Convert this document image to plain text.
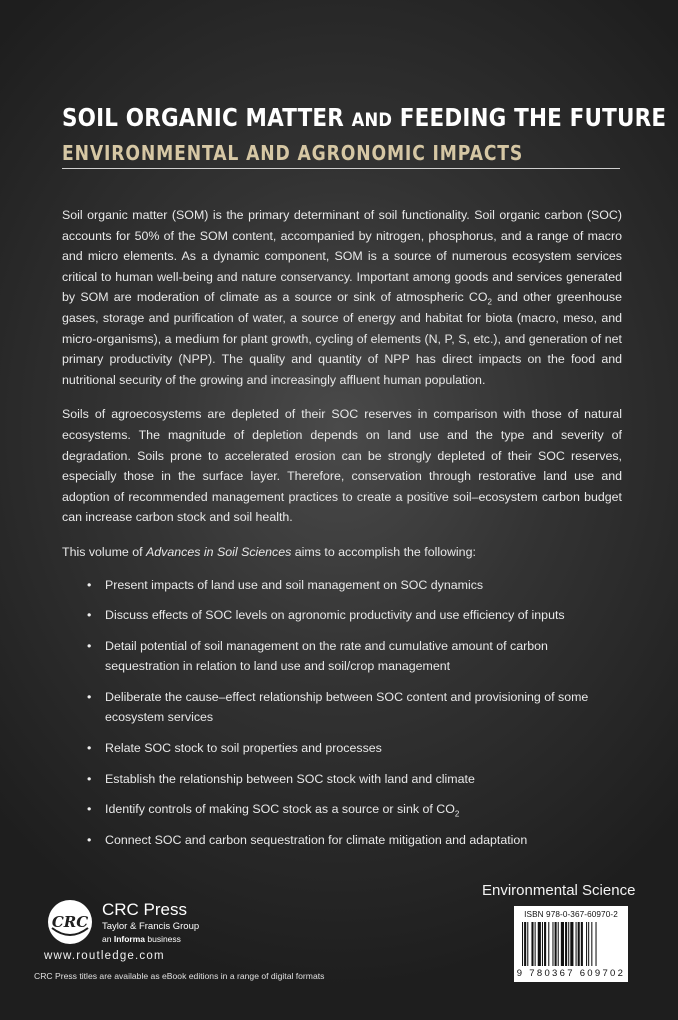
SOIL ORGANIC MATTER AND FEEDING THE FUTURE
ENVIRONMENTAL AND AGRONOMIC IMPACTS

Soil organic matter (SOM) is the primary determinant of soil functionality. Soil organic carbon (SOC) accounts for 50% of the SOM content, accompanied by nitrogen, phosphorus, and a range of macro and micro elements. As a dynamic component, SOM is a source of numerous ecosystem services critical to human well-being and nature conservancy. Important among goods and services generated by SOM are moderation of climate as a source or sink of atmospheric $CO_2$ and other greenhouse gases, storage and purification of water, a source of energy and habitat for biota (macro, meso, and micro-organisms), a medium for plant growth, cycling of elements (N, P, S, etc.), and generation of net primary productivity (NPP). The quality and quantity of NPP has direct impacts on the food and nutritional security of the growing and increasingly affluent human population.

Soils of agroecosystems are depleted of their SOC reserves in comparison with those of natural ecosystems. The magnitude of depletion depends on land use and the type and severity of degradation. Soils prone to accelerated erosion can be strongly depleted of their SOC reserves, especially those in the surface layer. Therefore, conservation through restorative land use and adoption of recommended management practices to create a positive soil–ecosystem carbon budget can increase carbon stock and soil health.

This volume of Advances in Soil Sciences aims to accomplish the following:

• Present impacts of land use and soil management on SOC dynamics
• Discuss effects of SOC levels on agronomic productivity and use efficiency of inputs
• Detail potential of soil management on the rate and cumulative amount of carbon sequestration in relation to land use and soil/crop management
• Deliberate the cause–effect relationship between SOC content and provisioning of some ecosystem services
• Relate SOC stock to soil properties and processes
• Establish the relationship between SOC stock with land and climate
• Identify controls of making SOC stock as a source or sink of $CO_2$
• Connect SOC and carbon sequestration for climate mitigation and adaptation
Environmental Science
ISBN 978-0-367-60970-2
9 780367 609702
CRC
CRC Press
Taylor & Francis Group
an Informa business
www.routledge.com
CRC Press titles are available as eBook editions in a range of digital formats
